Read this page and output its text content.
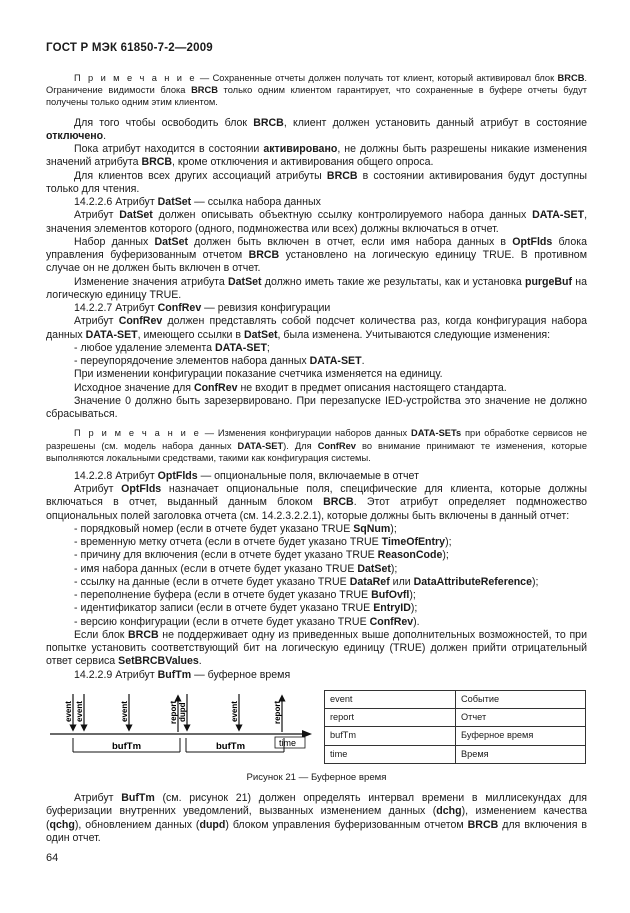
ГОСТ Р МЭК 61850-7-2—2009

П р и м е ч а н и е — Сохраненные отчеты должен получать тот клиент, который активировал блок BRCB. Ограничение видимости блока BRCB только одним клиентом гарантирует, что сохраненные в буфере отчеты будут получены только одним этим клиентом.

Для того чтобы освободить блок BRCB, клиент должен установить данный атрибут в состояние отключено.

Пока атрибут находится в состоянии активировано, не должны быть разрешены никакие изменения значений атрибута BRCB, кроме отключения и активирования общего опроса.

Для клиентов всех других ассоциаций атрибуты BRCB в состоянии активирования будут доступны только для чтения.

14.2.2.6 Атрибут DatSet — ссылка набора данных

Атрибут DatSet должен описывать объектную ссылку контролируемого набора данных DATA-SET, значения элементов которого (одного, подмножества или всех) должны включаться в отчет.

Набор данных DatSet должен быть включен в отчет, если имя набора данных в OptFlds блока управления буферизованным отчетом BRCB установлено на логическую единицу TRUE. В противном случае он не должен быть включен в отчет.

Изменение значения атрибута DatSet должно иметь такие же результаты, как и установка purgeBuf на логическую единицу TRUE.

14.2.2.7 Атрибут ConfRev — ревизия конфигурации

Атрибут ConfRev должен представлять собой подсчет количества раз, когда конфигурация набора данных DATA-SET, имеющего ссылки в DatSet, была изменена. Учитываются следующие изменения:

- любое удаление элемента DATA-SET;

- переупорядочение элементов набора данных DATA-SET.

При изменении конфигурации показание счетчика изменяется на единицу.

Исходное значение для ConfRev не входит в предмет описания настоящего стандарта.

Значение 0 должно быть зарезервировано. При перезапуске IED-устройства это значение не должно сбрасываться.

П р и м е ч а н и е — Изменения конфигурации наборов данных DATA-SETs при обработке сервисов не разрешены (см. модель набора данных DATA-SET). Для ConfRev во внимание принимают те изменения, которые выполняются локальными средствами, такими как конфигурация системы.

14.2.2.8 Атрибут OptFlds — опциональные поля, включаемые в отчет

Атрибут OptFlds назначает опциональные поля, специфические для клиента, которые должны включаться в отчет, выданный данным блоком BRCB. Этот атрибут определяет подмножество опциональных полей заголовка отчета (см. 14.2.3.2.2.1), которые должны быть включены в данный отчет:

- порядковый номер (если в отчете будет указано TRUE SqNum);

- временную метку отчета (если в отчете будет указано TRUE TimeOfEntry);

- причину для включения (если в отчете будет указано TRUE ReasonCode);

- имя набора данных (если в отчете будет указано TRUE DatSet);

- ссылку на данные (если в отчете будет указано TRUE DataRef или DataAttributeReference);

- переполнение буфера (если в отчете будет указано TRUE BufOvfl);

- идентификатор записи (если в отчете будет указано TRUE EntryID);

- версию конфигурации (если в отчете будет указано TRUE ConfRev).

Если блок BRCB не поддерживает одну из приведенных выше дополнительных возможностей, то при попытке установить соответствующий бит на логическую единицу (TRUE) должен прийти отрицательный ответ сервиса SetBRCBValues.

14.2.2.9 Атрибут BufTm — буферное время

time
bufTm	bufTm
event event	event	dupd	event
report	report
event	Событие
report	Отчет
bufTm	Буферное время
time	Время

Рисунок 21 — Буферное время

Атрибут BufTm (см. рисунок 21) должен определять интервал времени в миллисекундах для буферизации внутренних уведомлений, вызванных изменением данных (dchg), изменением качества (qchg), обновлением данных (dupd) блоком управления буферизованным отчетом BRCB для включения в один отчет.

64
